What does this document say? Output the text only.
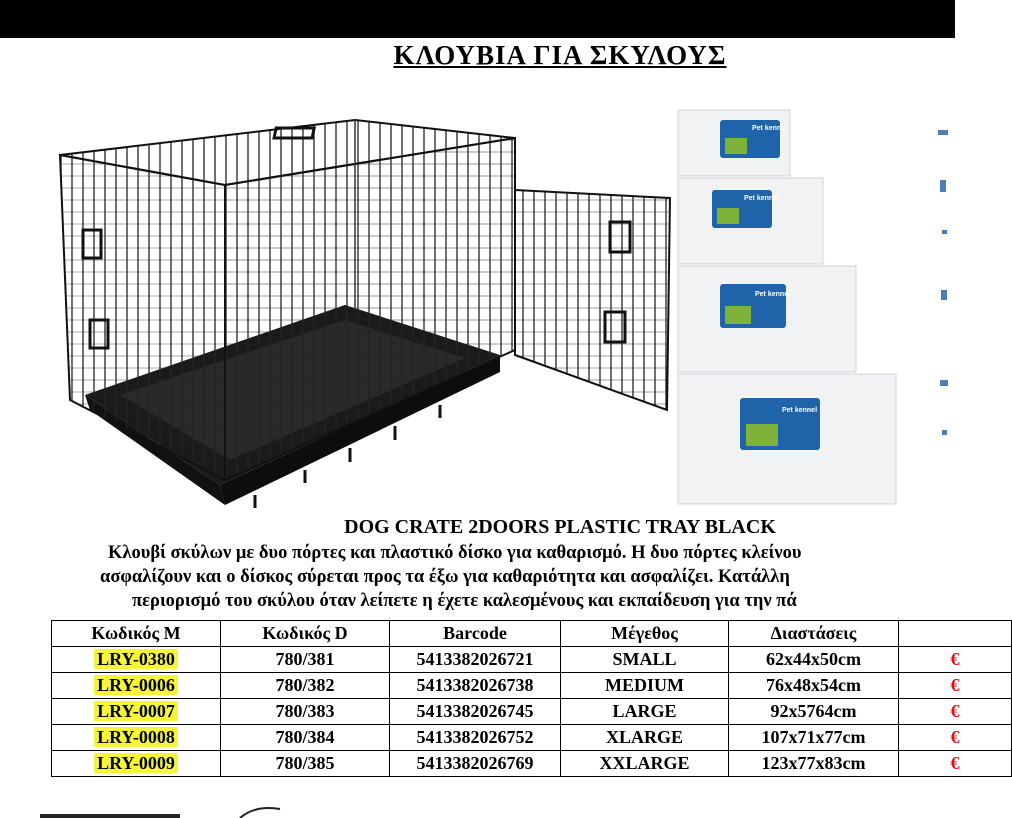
ΚΛΟΥΒΙΑ ΓΙΑ ΣΚΥΛΟΥΣ
Pet kennel
Pet kennel
Pet kennel
Pet kennel
DOG CRATE 2DOORS PLASTIC TRAY BLACK
Κλουβί σκύλων με δυο πόρτες και πλαστικό δίσκο για καθαρισμό. Η δυο πόρτες κλείνου
ασφαλίζουν και ο δίσκος σύρεται προς τα έξω για καθαριότητα και ασφαλίζει. Κατάλλη
περιορισμό του σκύλου όταν λείπετε η έχετε καλεσμένους και εκπαίδευση για την πά
Κωδικός M	Κωδικός D	Barcode	Μέγεθος	Διαστάσεις	
LRY-0380	780/381	5413382026721	SMALL	62x44x50cm	€
LRY-0006	780/382	5413382026738	MEDIUM	76x48x54cm	€
LRY-0007	780/383	5413382026745	LARGE	92x5764cm	€
LRY-0008	780/384	5413382026752	XLARGE	107x71x77cm	€
LRY-0009	780/385	5413382026769	XXLARGE	123x77x83cm	€
